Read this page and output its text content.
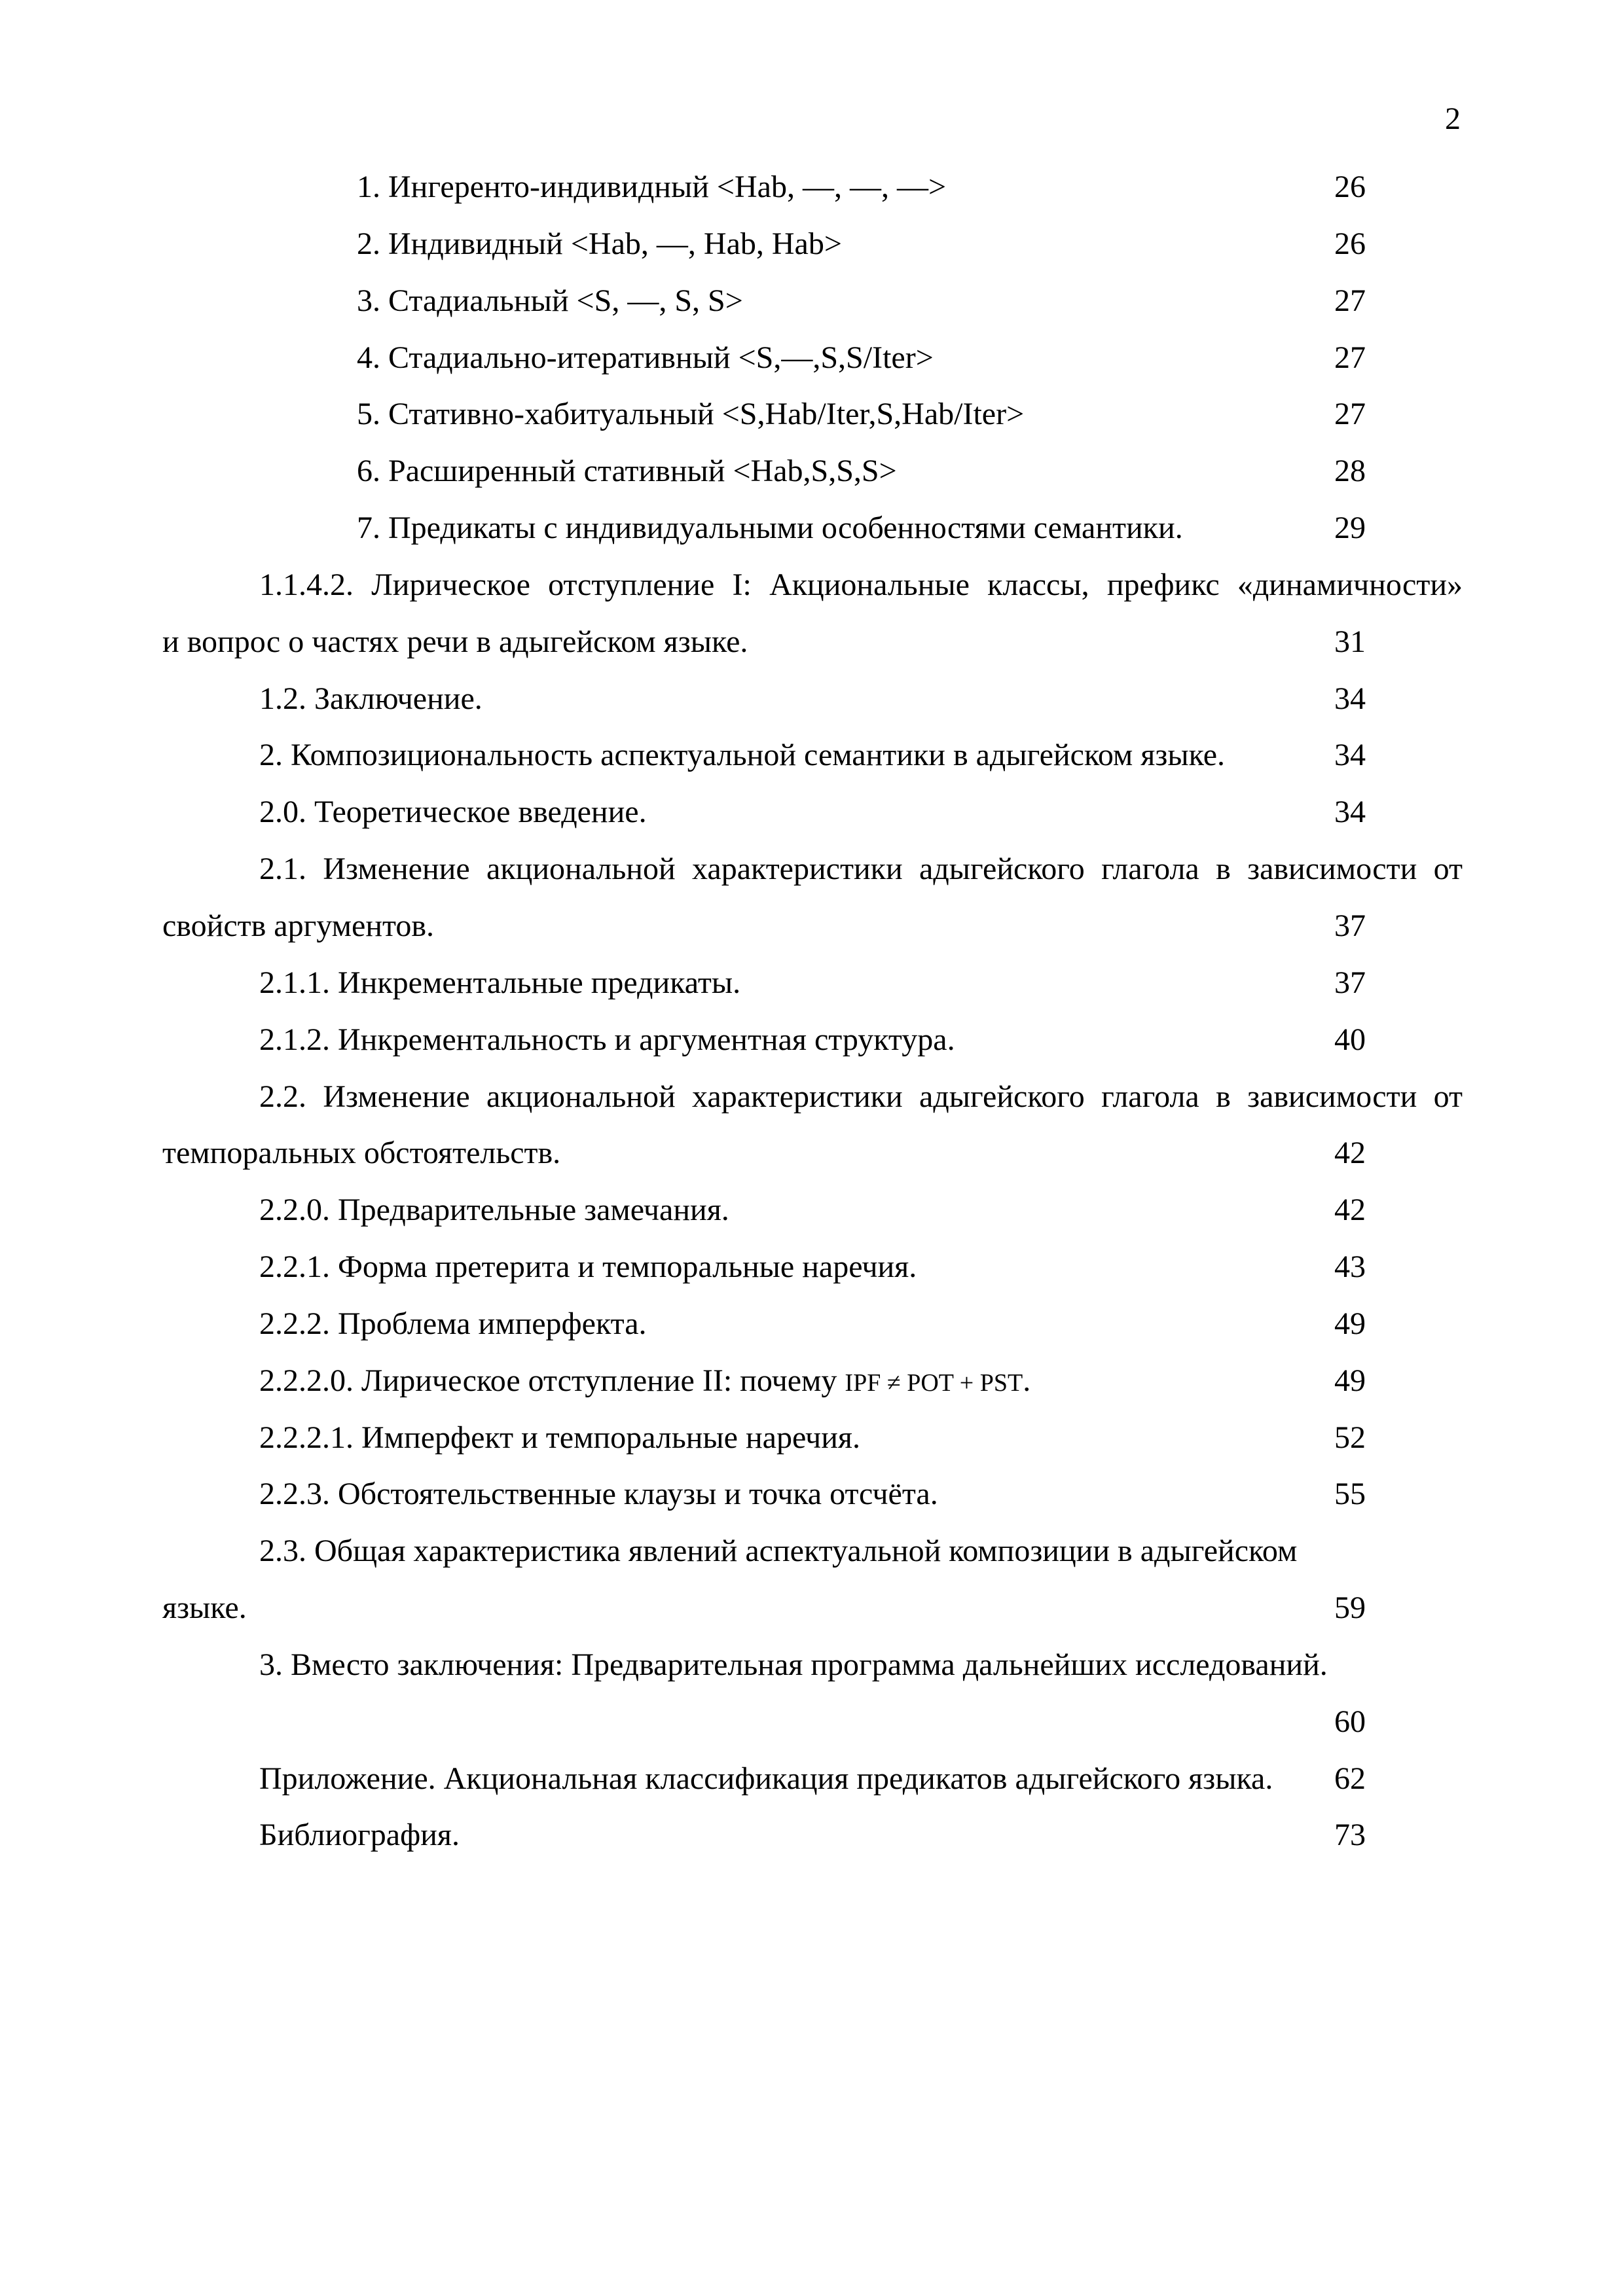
2
1. Ингеренто-индивидный <Hab, —, —, —>	26
2. Индивидный <Hab, —, Hab, Hab>	26
3. Стадиальный <S, —, S, S>	27
4. Стадиально-итеративный <S,—,S,S/Iter>	27
5. Стативно-хабитуальный <S,Hab/Iter,S,Hab/Iter>	27
6. Расширенный стативный <Hab,S,S,S>	28
7. Предикаты с индивидуальными особенностями семантики.	29
1.1.4.2. Лирическое отступление I: Акциональные классы, префикс «динамичности»
и вопрос о частях речи в адыгейском языке.	31
1.2. Заключение.	34
2. Композициональность аспектуальной семантики в адыгейском языке.	34
2.0. Теоретическое введение.	34
2.1. Изменение акциональной характеристики адыгейского глагола в зависимости от
свойств аргументов.	37
2.1.1. Инкрементальные предикаты.	37
2.1.2. Инкрементальность и аргументная структура.	40
2.2. Изменение акциональной характеристики адыгейского глагола в зависимости от
темпоральных обстоятельств.	42
2.2.0. Предварительные замечания.	42
2.2.1. Форма претерита и темпоральные наречия.	43
2.2.2. Проблема имперфекта.	49
2.2.2.0. Лирическое отступление II: почему IPF ≠ POT + PST.	49
2.2.2.1. Имперфект и темпоральные наречия.	52
2.2.3. Обстоятельственные клаузы и точка отсчёта.	55
2.3. Общая характеристика явлений аспектуальной композиции в адыгейском
языке.	59
3. Вместо заключения: Предварительная программа дальнейших исследований.
60
Приложение. Акциональная классификация предикатов адыгейского языка. 62
Библиография.	73
